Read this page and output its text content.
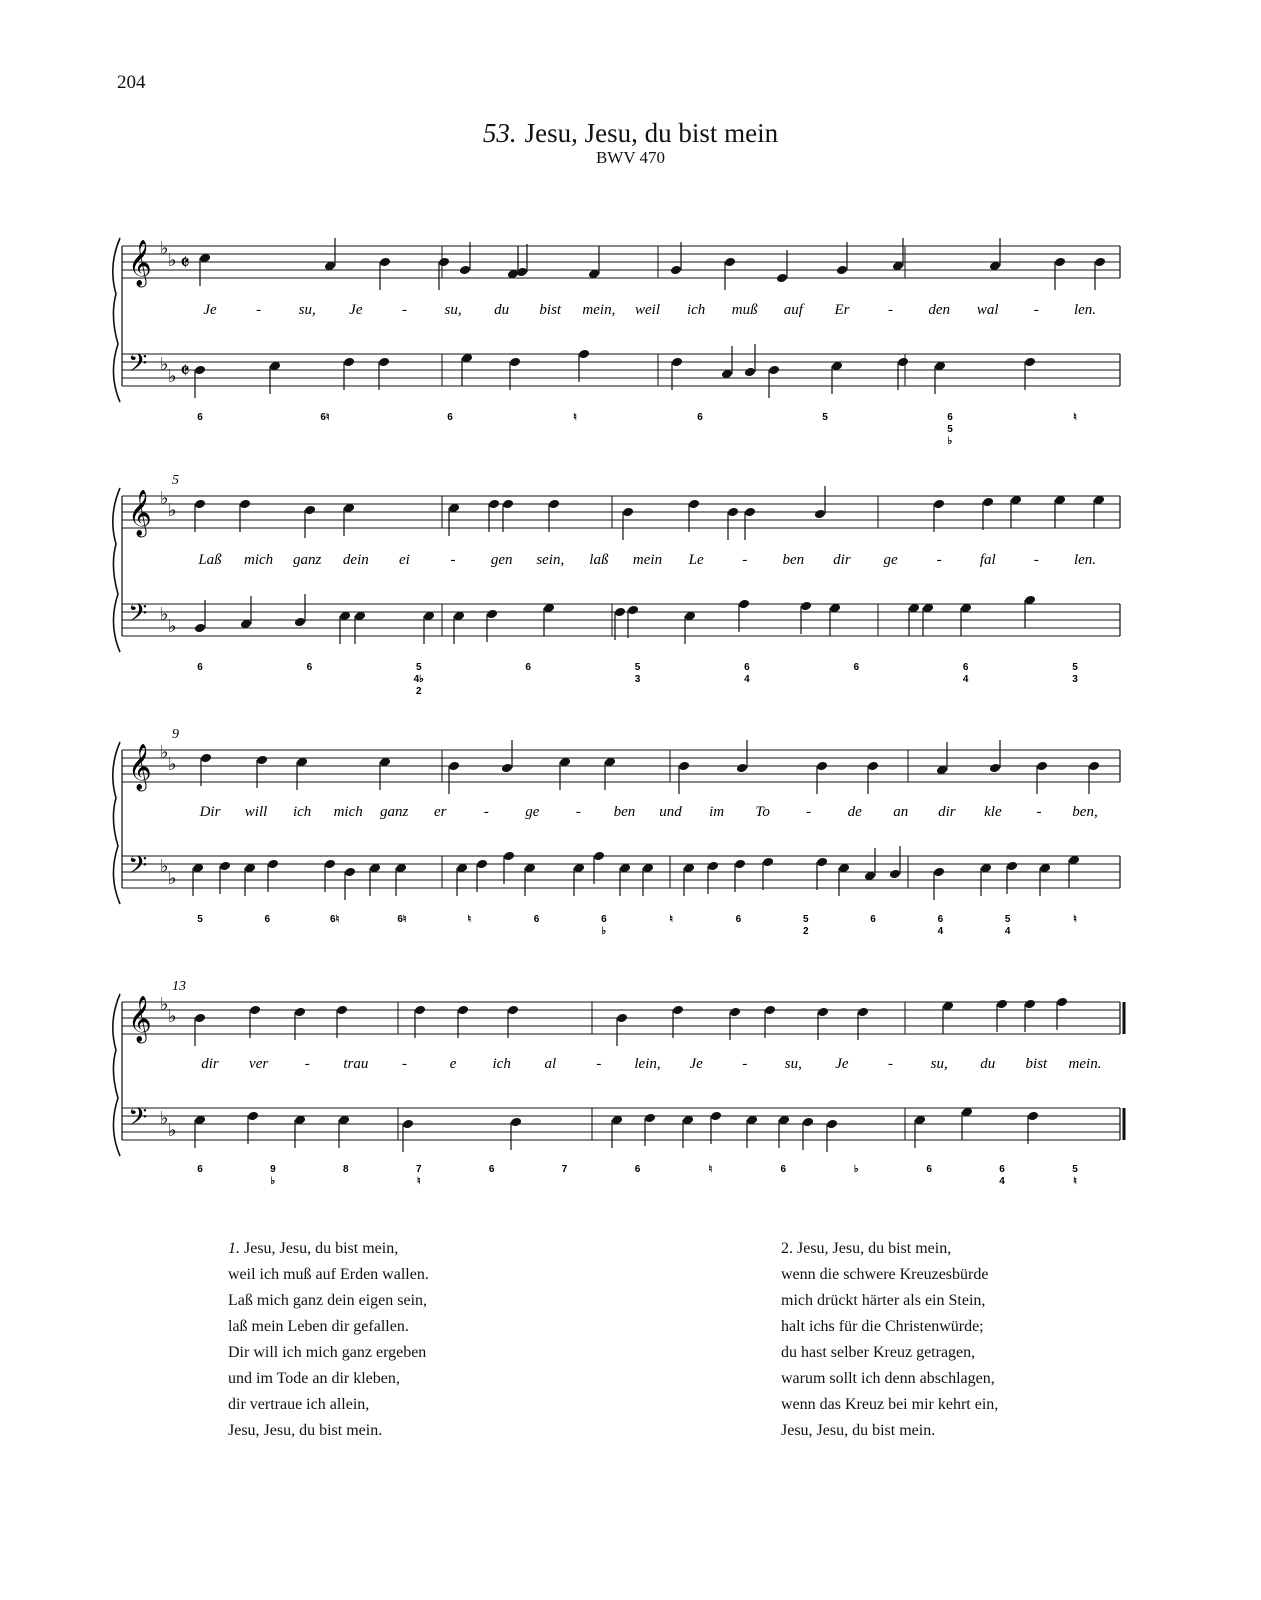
204
53. Jesu, Jesu, du bist mein
BWV 470
𝄞 ♭
♭ 𝄵
𝄢 ♭
♭ 𝄵
Je	-	su, Je	-	su, du bist mein, weil ich muß auf Er	- den wal - len.
6	6♮	6	♮	6	5	6
5
♭
♮
𝄞 ♭
♭
𝄢 ♭
♭
5
Laß mich ganz dein ei	- gen sein, laß mein Le	- ben dir ge	-	fal	- len.
6	6	5
4♭
2
6	5
3
6
4
6	6
4
5
3
𝄞 ♭
♭
𝄢 ♭
♭
9
Dir will ich mich ganz er - ge - ben und im To - de an dir kle - ben,
5	6	6♮	6♮	♮	6	6
♭
♮	6	5
2
6	6
4
5
4
♮
𝄞 ♭
♭
𝄢 ♭
♭
13
dir ver - trau -	e ich al	- lein, Je	-	su, Je	-	su, du bist mein.
6	9
♭
8	7
♮
6	7	6	♮	6	♭	6	6
4
5
♮
1. Jesu, Jesu, du bist mein,
weil ich muß auf Erden wallen.
Laß mich ganz dein eigen sein,
laß mein Leben dir gefallen.
Dir will ich mich ganz ergeben
und im Tode an dir kleben,
dir vertraue ich allein,
Jesu, Jesu, du bist mein.
2. Jesu, Jesu, du bist mein,
wenn die schwere Kreuzesbürde
mich drückt härter als ein Stein,
halt ichs für die Christenwürde;
du hast selber Kreuz getragen,
warum sollt ich denn abschlagen,
wenn das Kreuz bei mir kehrt ein,
Jesu, Jesu, du bist mein.
